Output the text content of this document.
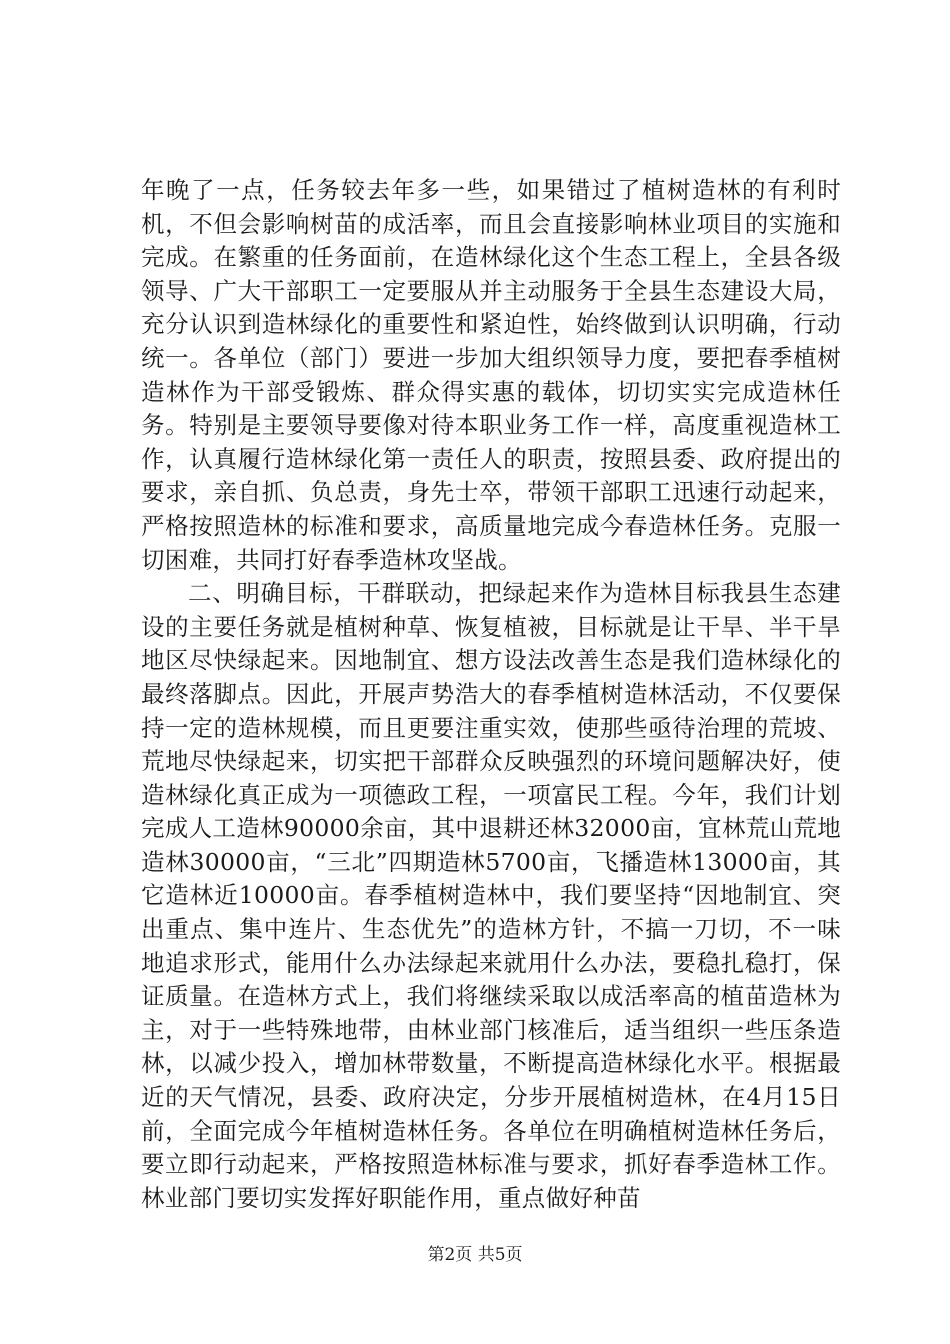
年晚了一点，任务较去年多一些，如果错过了植树造林的有利时机，不但会影响树苗的成活率，而且会直接影响林业项目的实施和完成。在繁重的任务面前，在造林绿化这个生态工程上，全县各级领导、广大干部职工一定要服从并主动服务于全县生态建设大局，充分认识到造林绿化的重要性和紧迫性，始终做到认识明确，行动统一。各单位（部门）要进一步加大组织领导力度，要把春季植树造林作为干部受锻炼、群众得实惠的载体，切切实实完成造林任务。特别是主要领导要像对待本职业务工作一样，高度重视造林工作，认真履行造林绿化第一责任人的职责，按照县委、政府提出的要求，亲自抓、负总责，身先士卒，带领干部职工迅速行动起来，严格按照造林的标准和要求，高质量地完成今春造林任务。克服一切困难，共同打好春季造林攻坚战。

二、明确目标，干群联动，把绿起来作为造林目标我县生态建设的主要任务就是植树种草、恢复植被，目标就是让干旱、半干旱地区尽快绿起来。因地制宜、想方设法改善生态是我们造林绿化的最终落脚点。因此，开展声势浩大的春季植树造林活动，不仅要保持一定的造林规模，而且更要注重实效，使那些亟待治理的荒坡、荒地尽快绿起来，切实把干部群众反映强烈的环境问题解决好，使造林绿化真正成为一项德政工程，一项富民工程。今年，我们计划完成人工造林90000余亩，其中退耕还林32000亩，宜林荒山荒地造林30000亩，“三北”四期造林5700亩，飞播造林13000亩，其它造林近10000亩。春季植树造林中，我们要坚持“因地制宜、突出重点、集中连片、生态优先”的造林方针，不搞一刀切，不一味地追求形式，能用什么办法绿起来就用什么办法，要稳扎稳打，保证质量。在造林方式上，我们将继续采取以成活率高的植苗造林为主，对于一些特殊地带，由林业部门核准后，适当组织一些压条造林，以减少投入，增加林带数量，不断提高造林绿化水平。根据最近的天气情况，县委、政府决定，分步开展植树造林，在4月15日前，全面完成今年植树造林任务。各单位在明确植树造林任务后，要立即行动起来，严格按照造林标准与要求，抓好春季造林工作。林业部门要切实发挥好职能作用，重点做好种苗

第2页 共5页
